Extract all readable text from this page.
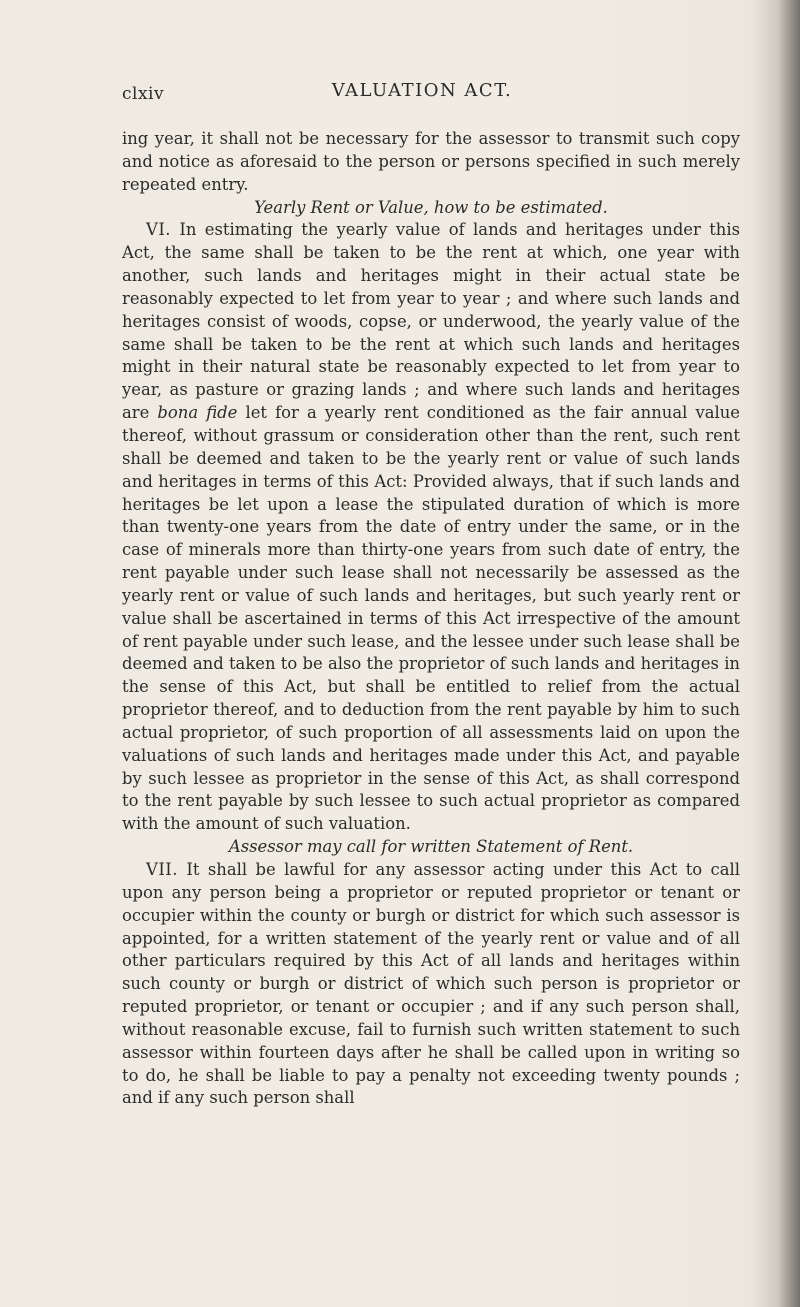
clxiv	VALUATION ACT.

ing year, it shall not be necessary for the assessor to transmit such copy and notice as aforesaid to the person or persons specified in such merely repeated entry.

Yearly Rent or Value, how to be estimated.

VI. In estimating the yearly value of lands and heritages under this Act, the same shall be taken to be the rent at which, one year with another, such lands and heritages might in their actual state be reasonably expected to let from year to year ; and where such lands and heritages consist of woods, copse, or underwood, the yearly value of the same shall be taken to be the rent at which such lands and heritages might in their natural state be reasonably expected to let from year to year, as pasture or grazing lands ; and where such lands and heritages are bona fide let for a yearly rent conditioned as the fair annual value thereof, without grassum or consideration other than the rent, such rent shall be deemed and taken to be the yearly rent or value of such lands and heritages in terms of this Act: Provided always, that if such lands and heritages be let upon a lease the stipulated duration of which is more than twenty-one years from the date of entry under the same, or in the case of minerals more than thirty-one years from such date of entry, the rent payable under such lease shall not necessarily be assessed as the yearly rent or value of such lands and heritages, but such yearly rent or value shall be ascertained in terms of this Act irrespective of the amount of rent payable under such lease, and the lessee under such lease shall be deemed and taken to be also the proprietor of such lands and heritages in the sense of this Act, but shall be entitled to relief from the actual proprietor thereof, and to deduction from the rent payable by him to such actual proprietor, of such proportion of all assessments laid on upon the valuations of such lands and heritages made under this Act, and payable by such lessee as proprietor in the sense of this Act, as shall correspond to the rent payable by such lessee to such actual proprietor as compared with the amount of such valuation.

Assessor may call for written Statement of Rent.

VII. It shall be lawful for any assessor acting under this Act to call upon any person being a proprietor or reputed proprietor or tenant or occupier within the county or burgh or district for which such assessor is appointed, for a written statement of the yearly rent or value and of all other particulars required by this Act of all lands and heritages within such county or burgh or district of which such person is proprietor or reputed proprietor, or tenant or occupier ; and if any such person shall, without reasonable excuse, fail to furnish such written statement to such assessor within fourteen days after he shall be called upon in writing so to do, he shall be liable to pay a penalty not exceeding twenty pounds ; and if any such person shall
